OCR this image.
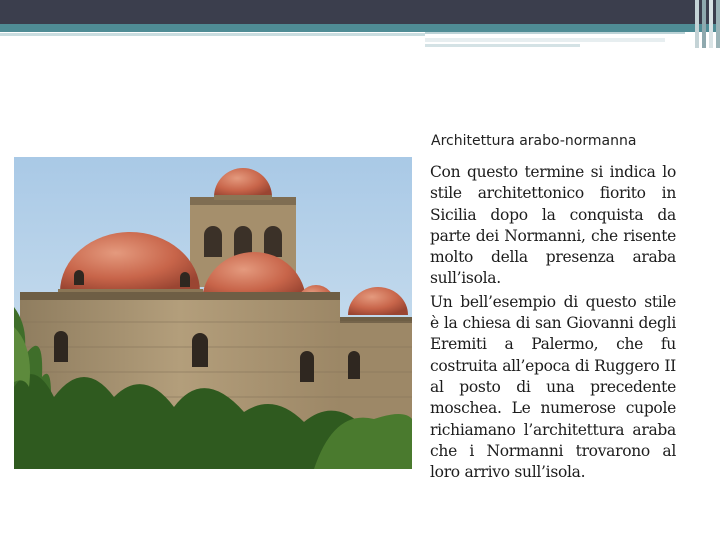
Architettura arabo-normanna

Con questo termine si indica lo stile architettonico fiorito in Sicilia dopo la conquista da parte dei Normanni, che risente molto della presenza araba sull’isola.

Un bell’esempio di questo stile è la chiesa di san Giovanni degli Eremiti a Palermo, che fu costruita all’epoca di Ruggero II al posto di una precedente moschea. Le numerose cupole richiamano l’architettura araba che i Normanni trovarono al loro arrivo sull’isola.
